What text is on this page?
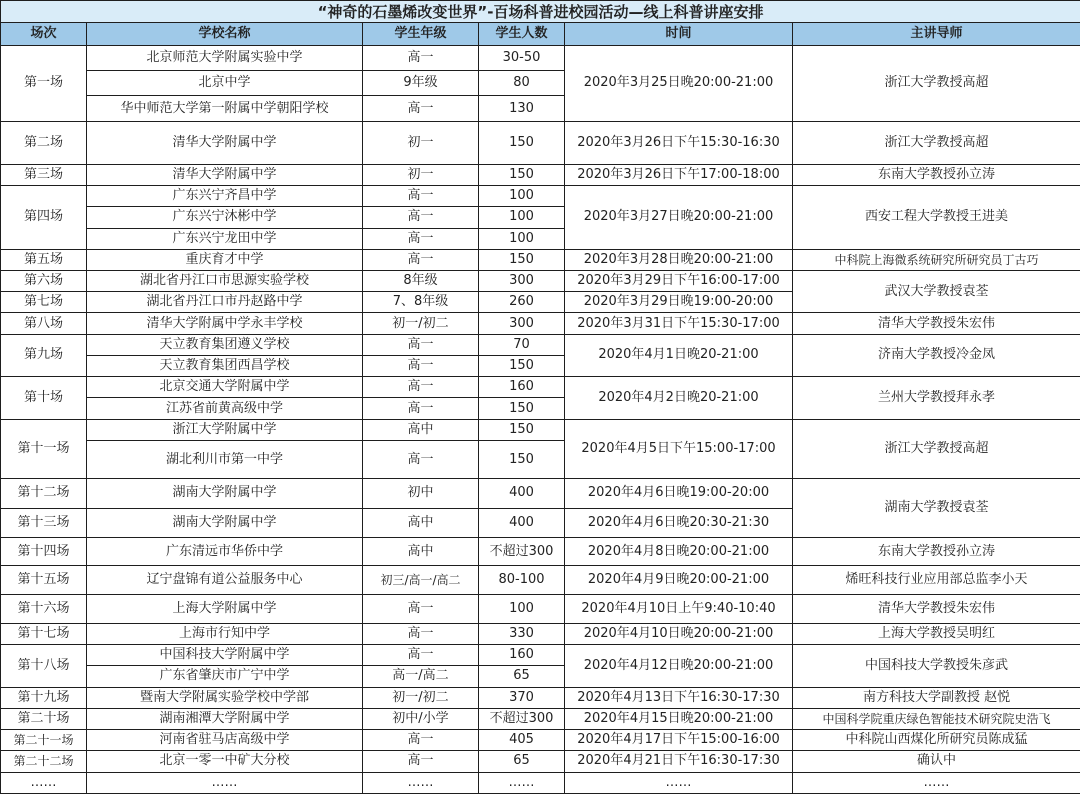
“神奇的石墨烯改变世界”-百场科普进校园活动—线上科普讲座安排					
场次	学校名称	学生年级	学生人数	时间	主讲导师
第一场	北京师范大学附属实验中学	高一	30-50	2020年3月25日晚20:00-21:00	浙江大学教授高超
	北京中学	9年级	80		
	华中师范大学第一附属中学朝阳学校	高一	130		
第二场	清华大学附属中学	初一	150	2020年3月26日下午15:30-16:30	浙江大学教授高超
第三场	清华大学附属中学	初一	150	2020年3月26日下午17:00-18:00	东南大学教授孙立涛
第四场	广东兴宁齐昌中学	高一	100	2020年3月27日晚20:00-21:00	西安工程大学教授王进美
	广东兴宁沐彬中学	高一	100		
	广东兴宁龙田中学	高一	100		
第五场	重庆育才中学	高一	150	2020年3月28日晚20:00-21:00	中科院上海微系统研究所研究员丁古巧
第六场	湖北省丹江口市思源实验学校	8年级	300	2020年3月29日下午16:00-17:00	武汉大学教授袁荃
第七场	湖北省丹江口市丹赵路中学	7、8年级	260	2020年3月29日晚19:00-20:00	
第八场	清华大学附属中学永丰学校	初一/初二	300	2020年3月31日下午15:30-17:00	清华大学教授朱宏伟
第九场	天立教育集团遵义学校	高一	70	2020年4月1日晚20-21:00	济南大学教授冷金凤
	天立教育集团西昌学校	高一	150		
第十场	北京交通大学附属中学	高一	160	2020年4月2日晚20-21:00	兰州大学教授拜永孝
	江苏省前黄高级中学	高一	150		
第十一场	浙江大学附属中学	高中	150	2020年4月5日下午15:00-17:00	浙江大学教授高超
	湖北利川市第一中学	高一	150		
第十二场	湖南大学附属中学	初中	400	2020年4月6日晚19:00-20:00	湖南大学教授袁荃
第十三场	湖南大学附属中学	高中	400	2020年4月6日晚20:30-21:30	
第十四场	广东清远市华侨中学	高中	不超过300	2020年4月8日晚20:00-21:00	东南大学教授孙立涛
第十五场	辽宁盘锦有道公益服务中心	初三/高一/高二	80-100	2020年4月9日晚20:00-21:00	烯旺科技行业应用部总监李小天
第十六场	上海大学附属中学	高一	100	2020年4月10日上午9:40-10:40	清华大学教授朱宏伟
第十七场	上海市行知中学	高一	330	2020年4月10日晚20:00-21:00	上海大学教授吴明红
第十八场	中国科技大学附属中学	高一	160	2020年4月12日晚20:00-21:00	中国科技大学教授朱彦武
	广东省肇庆市广宁中学	高一/高二	65		
第十九场	暨南大学附属实验学校中学部	初一/初二	370	2020年4月13日下午16:30-17:30	南方科技大学副教授 赵悦
第二十场	湖南湘潭大学附属中学	初中/小学	不超过300	2020年4月15日晚20:00-21:00	中国科学院重庆绿色智能技术研究院史浩飞
第二十一场	河南省驻马店高级中学	高一	405	2020年4月17日下午15:00-16:00	中科院山西煤化所研究员陈成猛
第二十二场	北京一零一中矿大分校	高一	65	2020年4月21日下午16:30-17:30	确认中
……	……	……	……	……	……
